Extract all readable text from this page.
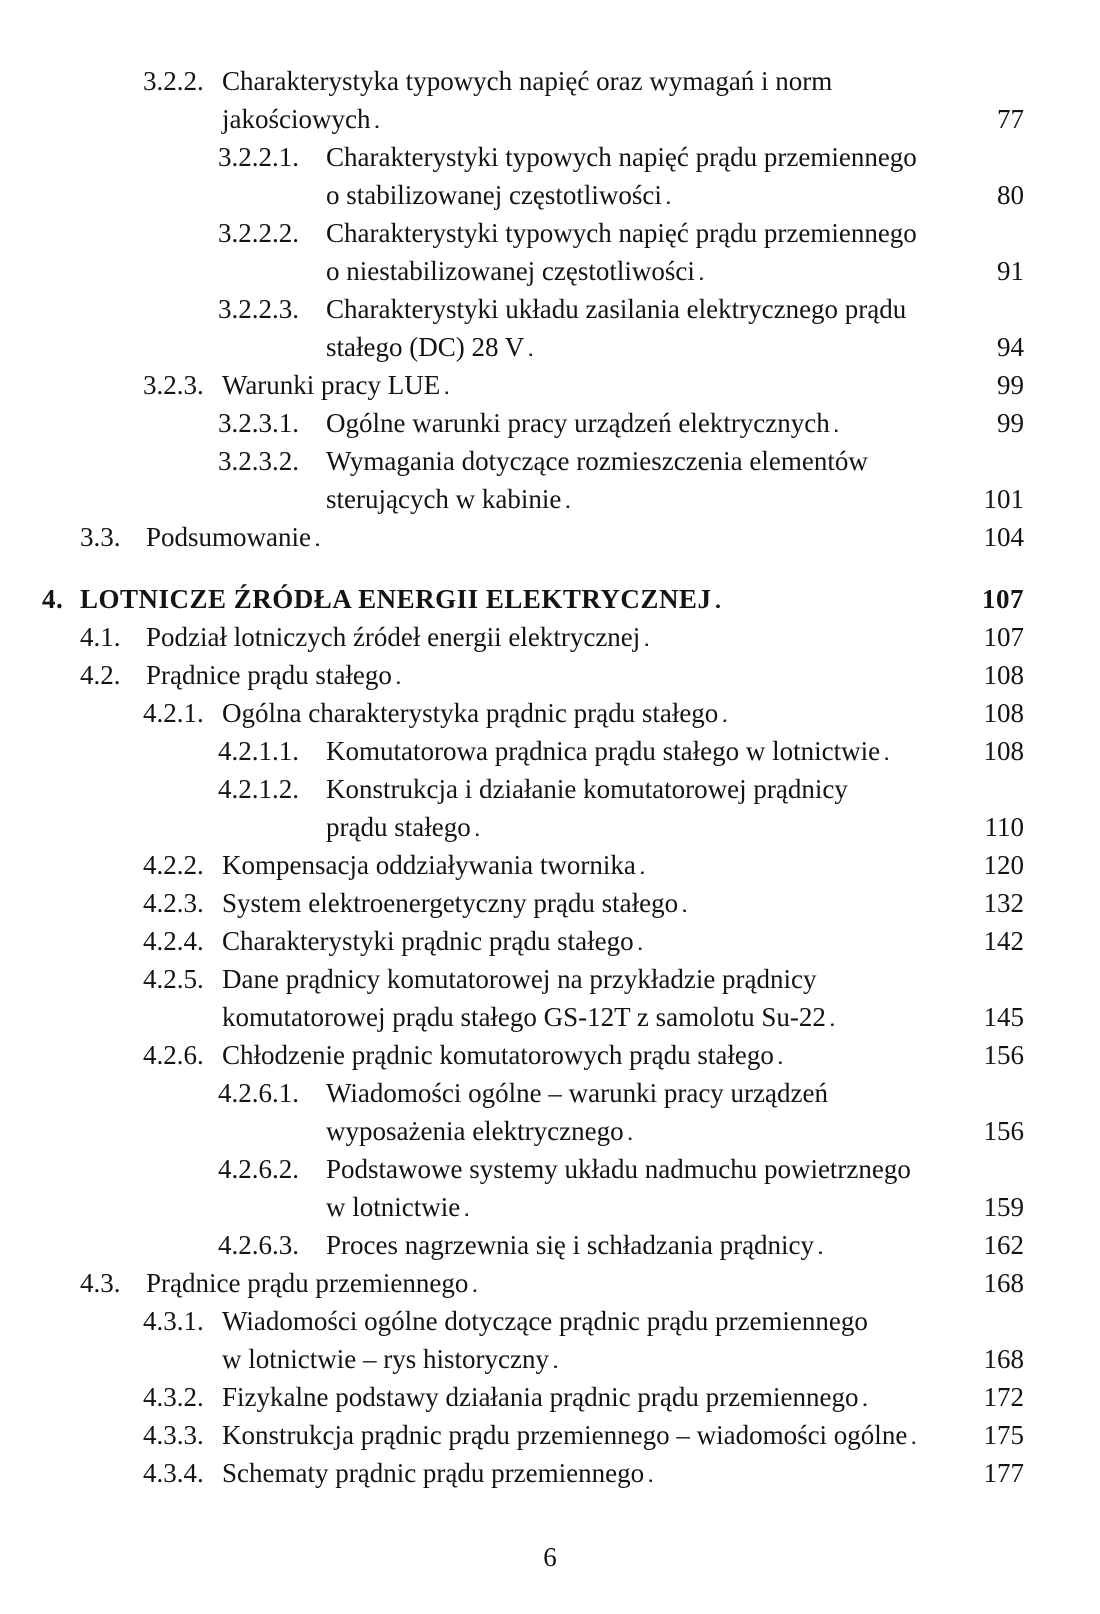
3.2.2. Charakterystyka typowych napięć oraz wymagań i norm
jakościowych . . .	77
3.2.2.1. Charakterystyki typowych napięć prądu przemiennego
o stabilizowanej częstotliwości . . .	80
3.2.2.2. Charakterystyki typowych napięć prądu przemiennego
o niestabilizowanej częstotliwości . . .	91
3.2.2.3. Charakterystyki układu zasilania elektrycznego prądu
stałego (DC) 28 V . . .	94
3.2.3. Warunki pracy LUE . . .	99
3.2.3.1. Ogólne warunki pracy urządzeń elektrycznych . . .	99
3.2.3.2. Wymagania dotyczące rozmieszczenia elementów
sterujących w kabinie . . .	101
3.3. Podsumowanie . . .	104
4. LOTNICZE ŹRÓDŁA ENERGII ELEKTRYCZNEJ . . .	107
4.1. Podział lotniczych źródeł energii elektrycznej . . .	107
4.2. Prądnice prądu stałego . . .	108
4.2.1. Ogólna charakterystyka prądnic prądu stałego . . .	108
4.2.1.1. Komutatorowa prądnica prądu stałego w lotnictwie . . .	108
4.2.1.2. Konstrukcja i działanie komutatorowej prądnicy
prądu stałego . . .	110
4.2.2. Kompensacja oddziaływania twornika . . .	120
4.2.3. System elektroenergetyczny prądu stałego . . .	132
4.2.4. Charakterystyki prądnic prądu stałego . . .	142
4.2.5. Dane prądnicy komutatorowej na przykładzie prądnicy
komutatorowej prądu stałego GS-12T z samolotu Su-22 . . .	145
4.2.6. Chłodzenie prądnic komutatorowych prądu stałego . . .	156
4.2.6.1. Wiadomości ogólne – warunki pracy urządzeń
wyposażenia elektrycznego . . .	156
4.2.6.2. Podstawowe systemy układu nadmuchu powietrznego
w lotnictwie . . .	159
4.2.6.3. Proces nagrzewnia się i schładzania prądnicy . . .	162
4.3. Prądnice prądu przemiennego . . .	168
4.3.1. Wiadomości ogólne dotyczące prądnic prądu przemiennego
w lotnictwie – rys historyczny . . .	168
4.3.2. Fizykalne podstawy działania prądnic prądu przemiennego . . .	172
4.3.3. Konstrukcja prądnic prądu przemiennego – wiadomości ogólne . . .	175
4.3.4. Schematy prądnic prądu przemiennego . . .	177
6
